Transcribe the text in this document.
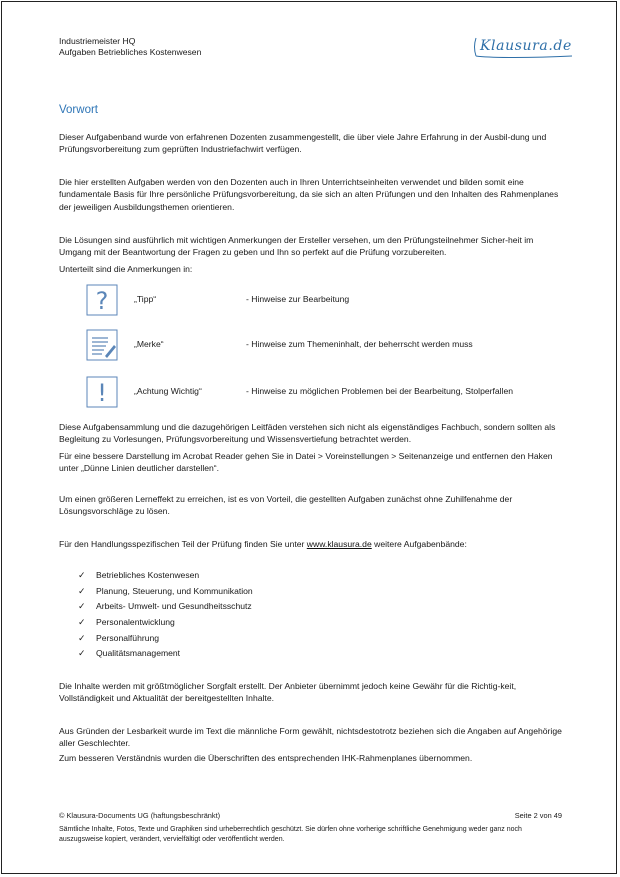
Industriemeister HQ
Aufgaben Betriebliches Kostenwesen	Klausura.de
Vorwort

Dieser Aufgabenband wurde von erfahrenen Dozenten zusammengestellt, die über viele Jahre Erfahrung in der Ausbil-dung und Prüfungsvorbereitung zum geprüften Industriefachwirt verfügen.

Die hier erstellten Aufgaben werden von den Dozenten auch in Ihren Unterrichtseinheiten verwendet und bilden somit eine fundamentale Basis für Ihre persönliche Prüfungsvorbereitung, da sie sich an alten Prüfungen und den Inhalten des Rahmenplanes der jeweiligen Ausbildungsthemen orientieren.

Die Lösungen sind ausführlich mit wichtigen Anmerkungen der Ersteller versehen, um den Prüfungsteilnehmer Sicher-heit im Umgang mit der Beantwortung der Fragen zu geben und Ihn so perfekt auf die Prüfung vorzubereiten.

Unterteilt sind die Anmerkungen in:

?	„Tipp“	- Hinweise zur Bearbeitung
„Merke“	- Hinweise zum Themeninhalt, der beherrscht werden muss
!	„Achtung Wichtig“	- Hinweise zu möglichen Problemen bei der Bearbeitung, Stolperfallen

Diese Aufgabensammlung und die dazugehörigen Leitfäden verstehen sich nicht als eigenständiges Fachbuch, sondern sollten als Begleitung zu Vorlesungen, Prüfungsvorbereitung und Wissensvertiefung betrachtet werden.

Für eine bessere Darstellung im Acrobat Reader gehen Sie in Datei > Voreinstellungen > Seitenanzeige und entfernen den Haken unter „Dünne Linien deutlicher darstellen“.

Um einen größeren Lerneffekt zu erreichen, ist es von Vorteil, die gestellten Aufgaben zunächst ohne Zuhilfenahme der Lösungsvorschläge zu lösen.

Für den Handlungsspezifischen Teil der Prüfung finden Sie unter www.klausura.de weitere Aufgabenbände:

✓ Betriebliches Kostenwesen
✓ Planung, Steuerung, und Kommunikation
✓ Arbeits- Umwelt- und Gesundheitsschutz
✓ Personalentwicklung
✓ Personalführung
✓ Qualitätsmanagement

Die Inhalte werden mit größtmöglicher Sorgfalt erstellt. Der Anbieter übernimmt jedoch keine Gewähr für die Richtig-keit, Vollständigkeit und Aktualität der bereitgestellten Inhalte.

Aus Gründen der Lesbarkeit wurde im Text die männliche Form gewählt, nichtsdestotrotz beziehen sich die Angaben auf Angehörige aller Geschlechter.

Zum besseren Verständnis wurden die Überschriften des entsprechenden IHK-Rahmenplanes übernommen.

© Klausura-Documents UG (haftungsbeschränkt)	Seite 2 von 49

Sämtliche Inhalte, Fotos, Texte und Graphiken sind urheberrechtlich geschützt. Sie dürfen ohne vorherige schriftliche Genehmigung weder ganz noch auszugsweise kopiert, verändert, vervielfältigt oder veröffentlicht werden.
